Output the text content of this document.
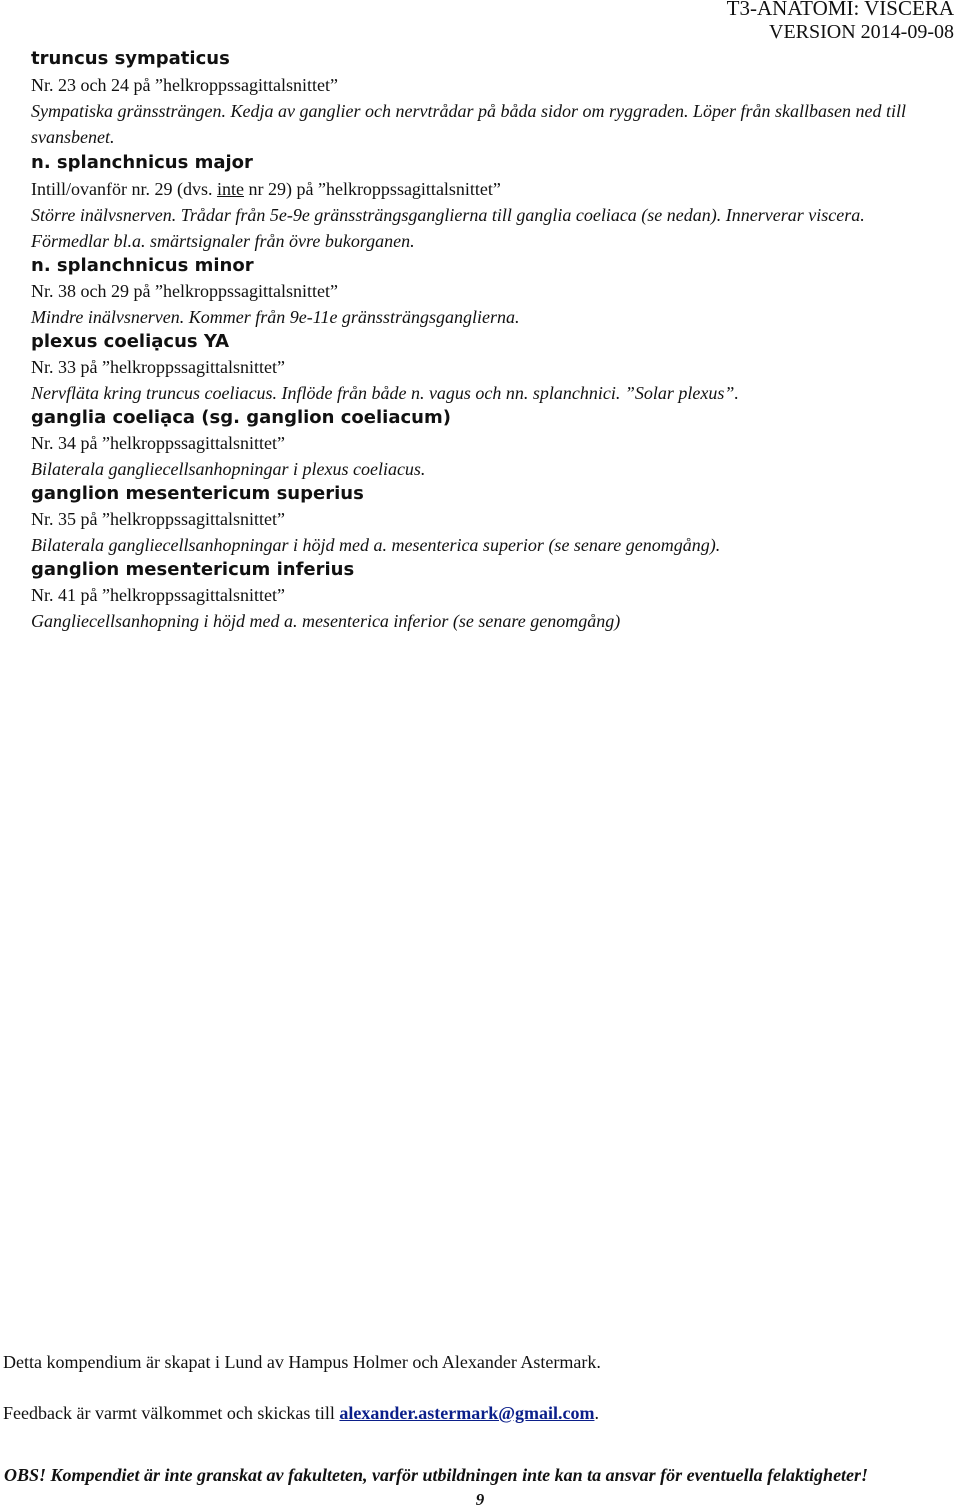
T3-ANATOMI: VISCERA
VERSION 2014-09-08

truncus sympaticus

Nr. 23 och 24 på ”helkroppssagittalsnittet”

Sympatiska gränssträngen. Kedja av ganglier och nervtrådar på båda sidor om ryggraden. Löper från skallbasen ned till svansbenet.

n. splanchnicus major

Intill/ovanför nr. 29 (dvs. inte nr 29) på ”helkroppssagittalsnittet”

Större inälvsnerven. Trådar från 5e-9e gränssträngsganglierna till ganglia coeliaca (se nedan). Innerverar viscera.

Förmedlar bl.a. smärtsignaler från övre bukorganen.

n. splanchnicus minor

Nr. 38 och 29 på ”helkroppssagittalsnittet”

Mindre inälvsnerven. Kommer från 9e-11e gränssträngsganglierna.

plexus coeliạcus YA

Nr. 33 på ”helkroppssagittalsnittet”

Nervfläta kring truncus coeliacus. Inflöde från både n. vagus och nn. splanchnici. ”Solar plexus”.

ganglia coeliạca (sg. ganglion coeliacum)

Nr. 34 på ”helkroppssagittalsnittet”

Bilaterala gangliecellsanhopningar i plexus coeliacus.

ganglion mesentericum superius

Nr. 35 på ”helkroppssagittalsnittet”

Bilaterala gangliecellsanhopningar i höjd med a. mesenterica superior (se senare genomgång).

ganglion mesentericum inferius

Nr. 41 på ”helkroppssagittalsnittet”

Gangliecellsanhopning i höjd med a. mesenterica inferior (se senare genomgång)

Detta kompendium är skapat i Lund av Hampus Holmer och Alexander Astermark.
Feedback är varmt välkommet och skickas till alexander.astermark@gmail.com.
OBS! Kompendiet är inte granskat av fakulteten, varför utbildningen inte kan ta ansvar för eventuella felaktigheter!
9
